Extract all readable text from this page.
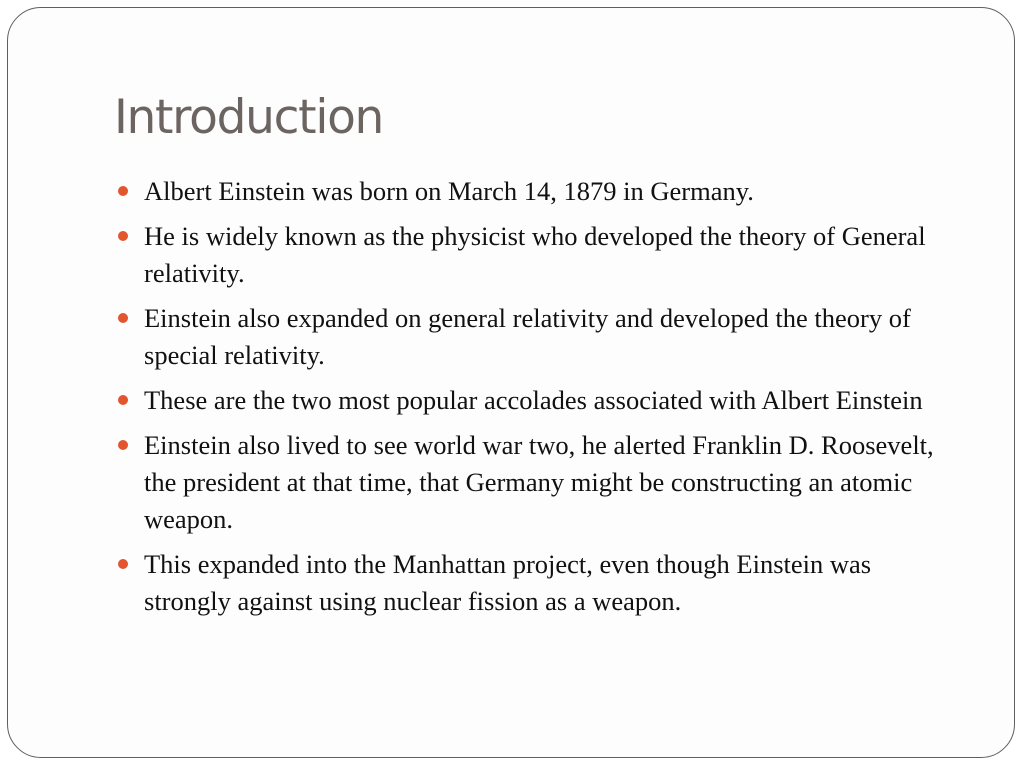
Introduction
Albert Einstein was born on March 14, 1879 in Germany.
He is widely known as the physicist who developed the theory of General relativity.
Einstein also expanded on general relativity and developed the theory of special relativity.
These are the two most popular accolades associated with Albert Einstein
Einstein also lived to see world war two, he alerted Franklin D. Roosevelt, the president at that time, that Germany might be constructing an atomic weapon.
This expanded into the Manhattan project, even though Einstein was strongly against using nuclear fission as a weapon.
